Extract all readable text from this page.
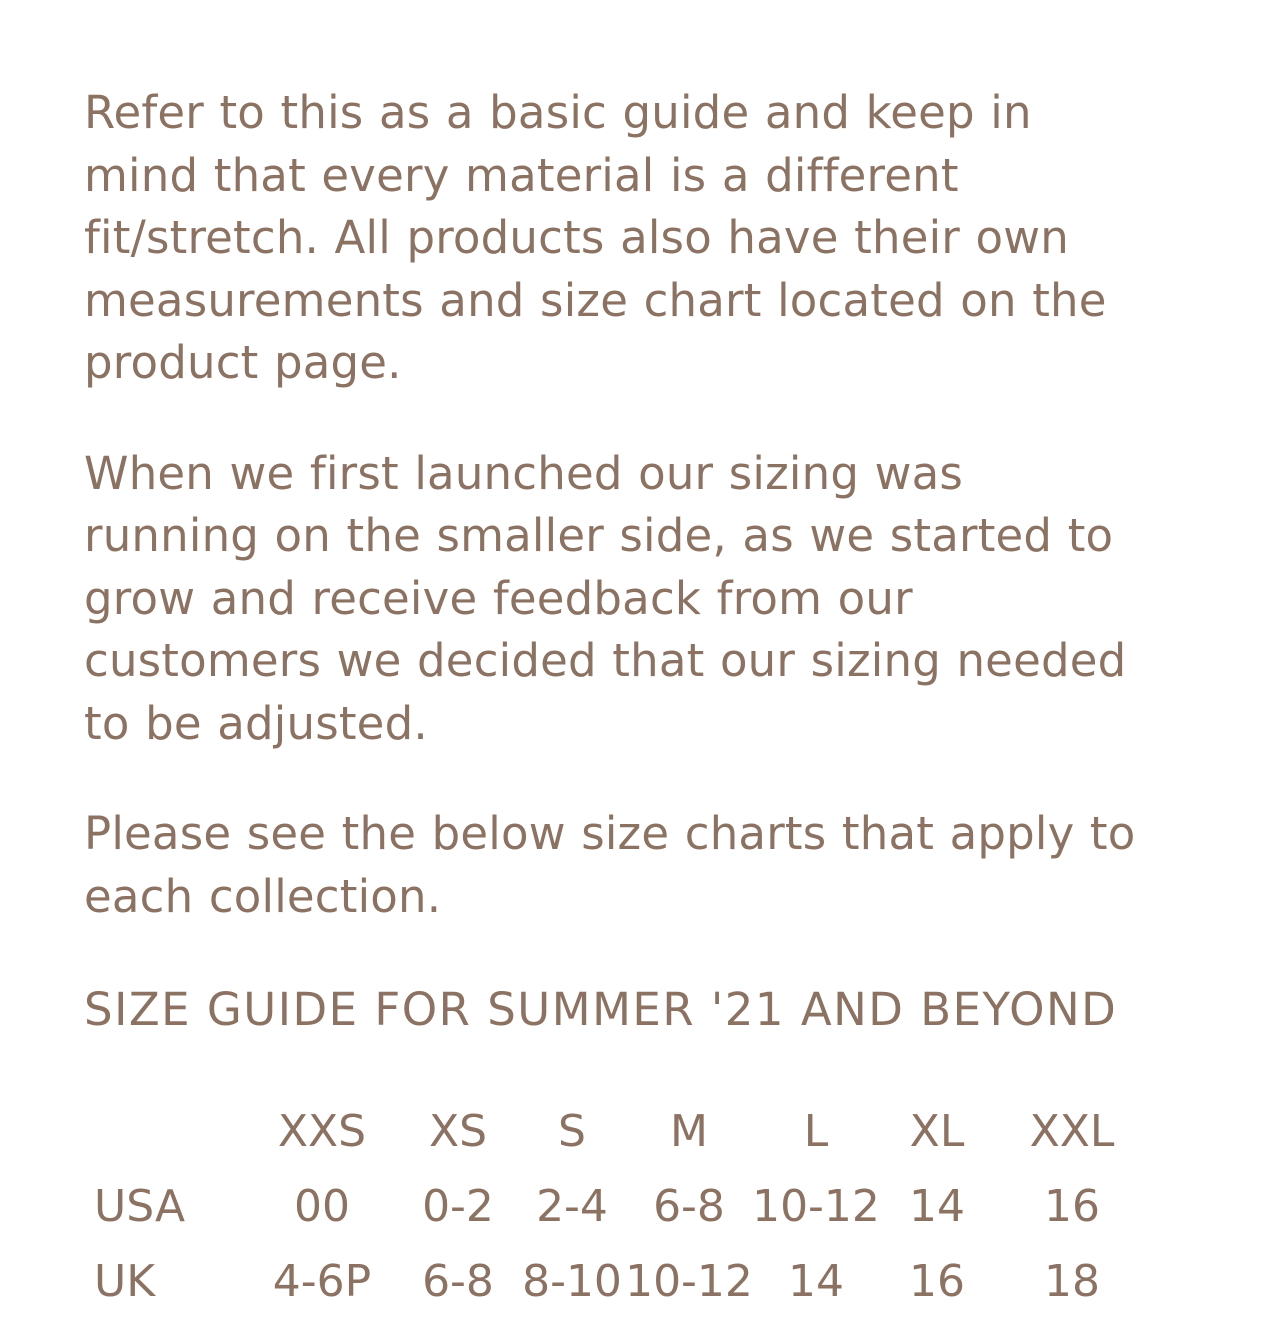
Refer to this as a basic guide and keep in
mind that every material is a different
fit/stretch. All products also have their own
measurements and size chart located on the
product page.

When we first launched our sizing was
running on the smaller side, as we started to
grow and receive feedback from our
customers we decided that our sizing needed
to be adjusted.

Please see the below size charts that apply to
each collection.

SIZE GUIDE FOR SUMMER '21 AND BEYOND
XXS XS S M L XL XXL
USA 00 0-2 2-4 6-8 10-12 14 16
UK	4-6P 6-8 8-10 10-12 14 16 18
